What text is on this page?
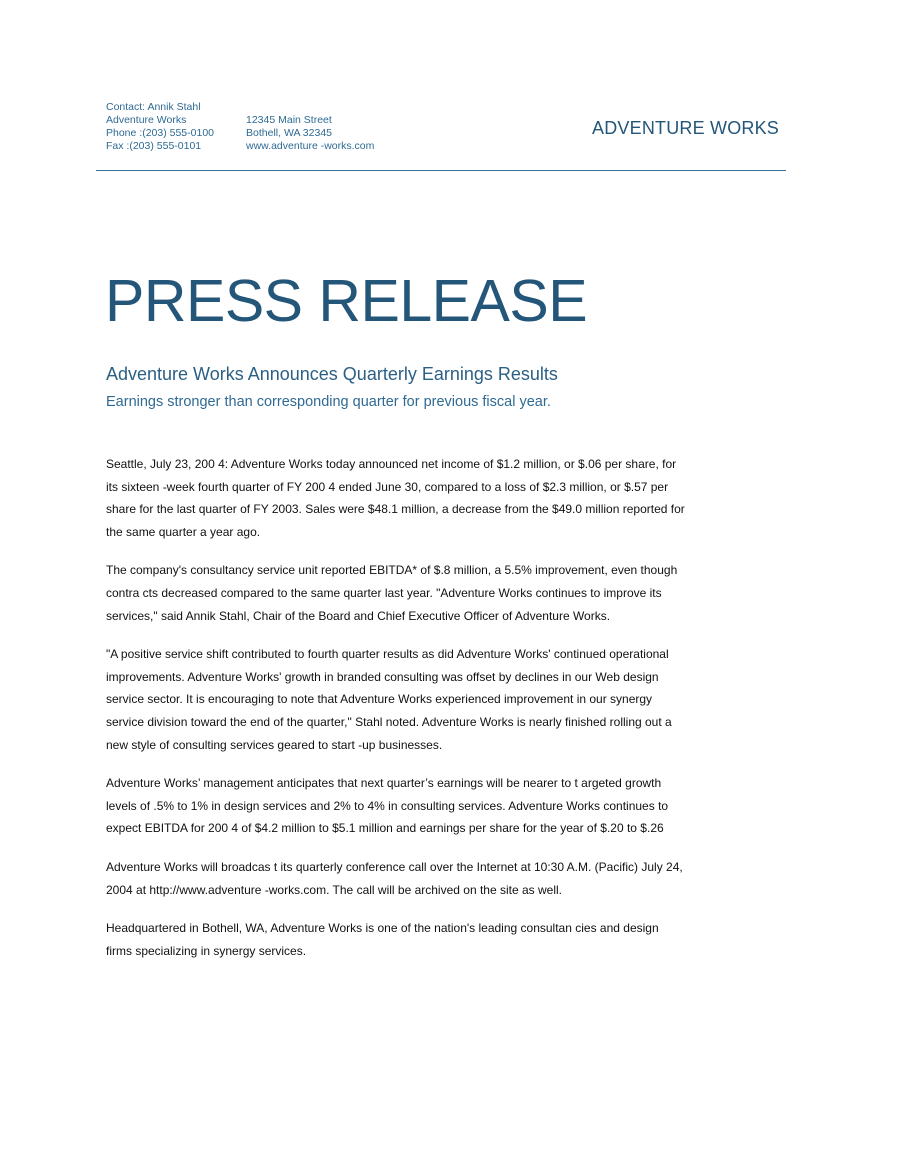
Contact: Annik Stahl
Adventure Works
Phone :(203) 555-0100
Fax :(203) 555-0101
12345 Main Street
Bothell, WA 32345
www.adventure -works.com
ADVENTURE WORKS
PRESS RELEASE
Adventure Works Announces Quarterly Earnings Results
Earnings stronger than corresponding quarter for previous fiscal year.

Seattle, July 23, 200 4: Adventure Works today announced net income of $1.2 million, or $.06 per share, for
its sixteen -week fourth quarter of FY 200 4 ended June 30, compared to a loss of $2.3 million, or $.57 per
share for the last quarter of FY 2003. Sales were $48.1 million, a decrease from the $49.0 million reported for
the same quarter a year ago.

The company's consultancy service unit reported EBITDA* of $.8 million, a 5.5% improvement, even though
contra cts decreased compared to the same quarter last year. "Adventure Works continues to improve its
services," said Annik Stahl, Chair of the Board and Chief Executive Officer of Adventure Works.

"A positive service shift contributed to fourth quarter results as did Adventure Works' continued operational
improvements. Adventure Works' growth in branded consulting was offset by declines in our Web design
service sector. It is encouraging to note that Adventure Works experienced improvement in our synergy
service division toward the end of the quarter," Stahl noted. Adventure Works is nearly finished rolling out a
new style of consulting services geared to start -up businesses.

Adventure Works’ management anticipates that next quarter’s earnings will be nearer to t argeted growth
levels of .5% to 1% in design services and 2% to 4% in consulting services. Adventure Works continues to
expect EBITDA for 200 4 of $4.2 million to $5.1 million and earnings per share for the year of $.20 to $.26

Adventure Works will broadcas t its quarterly conference call over the Internet at 10:30 A.M. (Pacific) July 24,
2004 at http://www.adventure -works.com. The call will be archived on the site as well.

Headquartered in Bothell, WA, Adventure Works is one of the nation's leading consultan cies and design
firms specializing in synergy services.
